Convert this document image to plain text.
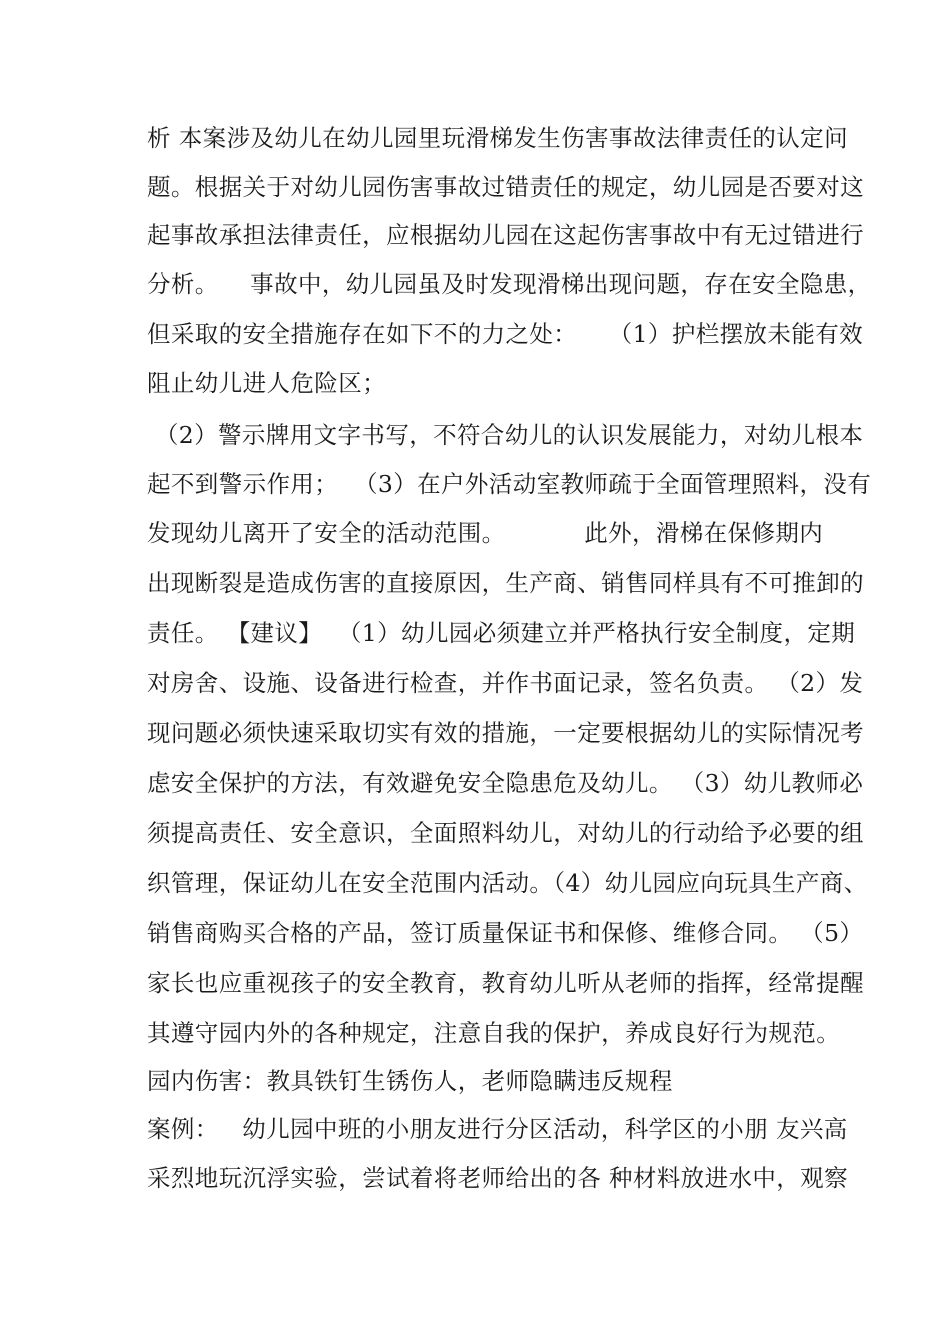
析 本案涉及幼儿在幼儿园里玩滑梯发生伤害事故法律责任的认定问
题。根据关于对幼儿园伤害事故过错责任的规定，幼儿园是否要对这
起事故承担法律责任，应根据幼儿园在这起伤害事故中有无过错进行
分析。    事故中，幼儿园虽及时发现滑梯出现问题，存在安全隐患，
但采取的安全措施存在如下不的力之处：    （1）护栏摆放未能有效
阻止幼儿进人危险区；
（2）警示牌用文字书写，不符合幼儿的认识发展能力，对幼儿根本
起不到警示作用；  （3）在户外活动室教师疏于全面管理照料，没有
发现幼儿离开了安全的活动范围。          此外，滑梯在保修期内
出现断裂是造成伤害的直接原因，生产商、销售同样具有不可推卸的
责任。 【建议】  （1）幼儿园必须建立并严格执行安全制度，定期
对房舍、设施、设备进行检查，并作书面记录，签名负责。 （2）发
现问题必须快速采取切实有效的措施，一定要根据幼儿的实际情况考
虑安全保护的方法，有效避免安全隐患危及幼儿。 （3）幼儿教师必
须提高责任、安全意识，全面照料幼儿，对幼儿的行动给予必要的组
织管理，保证幼儿在安全范围内活动。（4）幼儿园应向玩具生产商、
销售商购买合格的产品，签订质量保证书和保修、维修合同。 （5）
家长也应重视孩子的安全教育，教育幼儿听从老师的指挥，经常提醒
其遵守园内外的各种规定，注意自我的保护，养成良好行为规范。
园内伤害：教具铁钉生锈伤人，老师隐瞒违反规程
案例：   幼儿园中班的小朋友进行分区活动，科学区的小朋 友兴高
采烈地玩沉浮实验，尝试着将老师给出的各 种材料放进水中，观察
